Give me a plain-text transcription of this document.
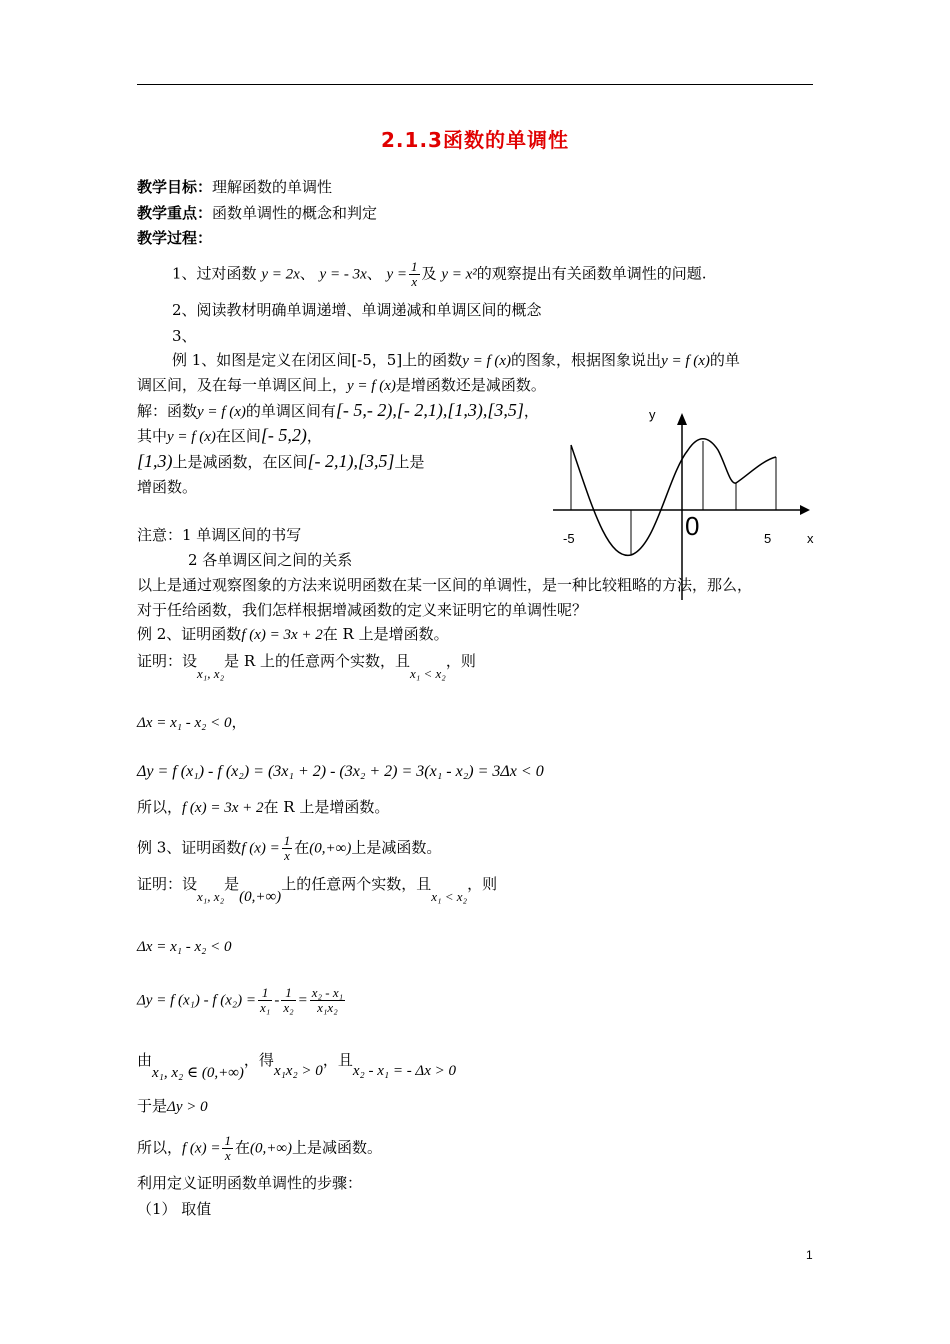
2.1.3函数的单调性
教学目标：理解函数的单调性
教学重点：函数单调性的概念和判定
教学过程：
1、过对函数 y = 2x、 y = - 3x、 $y = \frac{1}{x}$ 及 y = x²的观察提出有关函数单调性的问题.
2、阅读教材明确单调递增、单调递减和单调区间的概念
3、
例 1、如图是定义在闭区间[-5，5]上的函数y = f (x)的图象，根据图象说出y = f (x)的单
调区间，及在每一单调区间上，y = f (x)是增函数还是减函数。
解：函数y = f (x)的单调区间有[- 5,- 2),[- 2,1),[1,3),[3,5]，
其中y = f (x)在区间[- 5,2)，
[1,3)上是减函数，在区间[- 2,1),[3,5]上是
增函数。
y
x
0
-5	5
注意：1 单调区间的书写
2 各单调区间之间的关系
以上是通过观察图象的方法来说明函数在某一区间的单调性，是一种比较粗略的方法，那么，
对于任给函数，我们怎样根据增减函数的定义来证明它的单调性呢？
例 2、证明函数f (x) = 3x + 2在 R 上是增函数。
证明：设x₁, x₂是 R 上的任意两个实数，且x₁ < x₂，则
Δx = x₁ - x₂ < 0，
Δy = f (x₁) - f (x₂) = (3x₁ + 2) - (3x₂ + 2) = 3(x₁ - x₂) = 3Δx < 0
所以，f (x) = 3x + 2在 R 上是增函数。
例 3、证明函数f $(x) = \frac{1}{x}$ 在(0,+∞)上是减函数。
证明：设x₁, x₂是(0,+∞)上的任意两个实数，且x₁ < x₂，则
Δx = x₁ - x₂ < 0
Δy = f (x₁) - f $(x_2) = \frac{1}{\text{x₁}} - \frac{1}{\text{x₂}} = \frac{\text{x₂ - x₁}}{\text{x₁x₂}}$
由x₁, x₂ ∈ (0,+∞)，得x₁x₂ > 0，且x₂ - x₁ = - Δx > 0
于是Δy > 0
所以，f $(x) = \frac{1}{x}$ 在(0,+∞)上是减函数。
利用定义证明函数单调性的步骤：
（1） 取值
1
